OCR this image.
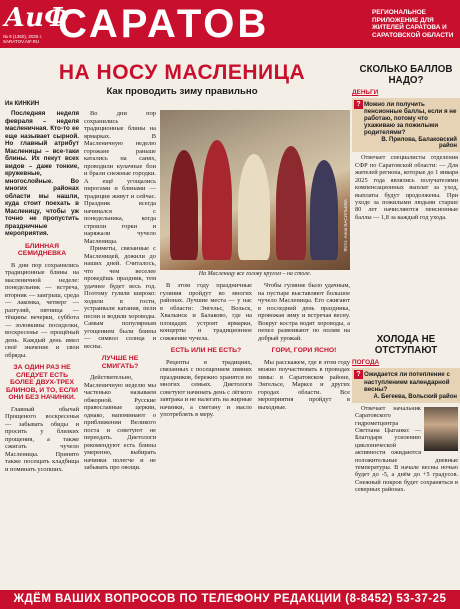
АиФ
№ 9 (1360), 2025 г.
SARATOV.AIF.RU САРАТОВ	РЕГИОНАЛЬНОЕ ПРИЛОЖЕНИЕ ДЛЯ ЖИТЕЛЕЙ САРАТОВА И САРАТОВСКОЙ ОБЛАСТИ
НА НОСУ МАСЛЕНИЦА
Как проводить зиму правильно
Ия КИНКИН

Последняя неделя февраля – неделя масленичная. Кто-то ее еще называет сырной. Но главный атрибут Масленицы – все-таки блины. Их пекут всех видов – даже тонкие, кружевные, многослойные. Во многих районах области мы нашли, куда стоит поехать в Масленицу, чтобы уж точно не пропустить праздничные мероприятия.

БЛИННАЯ СЕМИДНЕВКА

В дни пор сохранились традиционные блины на масленичной неделе: понедельник — встреча, вторник — заигрыш, среда — лакомка, четверг — разгуляй, пятница — тёщины вечерки, суббота — золовкины посиделки, воскресенье — прощёный день. Каждый день имел своё значение и свои обряды.

ЗА ОДИН РАЗ НЕ СЛЕДУЕТ ЕСТЬ БОЛЕЕ ДВУХ-ТРЕХ БЛИНОВ, И ТО, ЕСЛИ ОНИ БЕЗ НАЧИНКИ.

Главный обычай Прощеного воскресенья — забывать обиды и просить у близких прощения, а также сжигать чучело Масленицы. Принято также посещать кладбища и поминать усопших.

Во дни пор сохранились традиционные блины на ярмарках. В Масленичную неделю горожане раньше катались на санях, проводили кулачные бои и брали снежные городки. А ещё угощались пирогами и блинами — традиции живут и сейчас. Праздник всегда начинался с понедельника, когда строили горки и наряжали чучело Масленицы.

Приметы, связанные с Масленицей, дожили до наших дней. Считалось, что чем веселее проведёшь праздник, тем удачнее будет весь год. Поэтому гуляли широко: ходили в гости, устраивали катания, пели песни и водили хороводы. Самым популярным угощением были блины — символ солнца и весны.

ЛУЧШЕ НЕ СМИГАТЬ?

Действительно, Масленичную неделю мы частенько называем обжорной. Русские православные церкви, однако, напоминают о приближении Великого поста и советуют не переедать. Диетологи рекомендуют есть блины умеренно, выбирать начинки полегче и не забывать про овощи.

Фото: Анна ВАСИЛЬЕВА
На Масленицу все голову кругом – на столе.

В этом году праздничные гуляния пройдут во многих районах. Лучшие места — у нас в области: Энгельс, Вольск, Хвалынск и Балаково, где на площадях устроят ярмарки, концерты и традиционное сожжение чучела.

ЕСТЬ ИЛИ НЕ ЕСТЬ?

Рецепты в традициях, связанных с посещением зимних праздников, бережно хранятся во многих семьях. Диетологи советуют начинать день с лёгкого завтрака и не налегать на жирные начинки, а сметану и масло употреблять в меру.

Чтобы гуляние было удачным, на пустыре выставляют большое чучело Масленицы. Его сжигают в последний день праздника, провожая зиму и встречая весну. Вокруг костра водят хороводы, а пепел развеивают по полям на добрый урожай.

ГОРИ, ГОРИ ЯСНО!

Мы расскажем, где в этом году можно поучаствовать в проводах зимы: в Саратовском районе, Энгельсе, Марксе и других городах области. Все мероприятия пройдут в выходные.

СКОЛЬКО БАЛЛОВ НАДО?
ДЕНЬГИ
? Можно ли получить пенсионные баллы, если я не работаю, потому что ухаживаю за пожилыми родителями?
В. Прилова, Балаковский район

Отвечает специалисты отделения СФР по Саратовской области: — Для жителей региона, которые до 1 января 2025 года являлись получателями компенсационных выплат за уход, выплаты будут продолжены. При уходе за пожилыми людьми старше 80 лет начисляются пенсионные баллы — 1,8 за каждый год ухода.

ХОЛОДА НЕ ОТСТУПАЮТ
ПОГОДА
? Ожидается ли потепление с наступлением календарной весны?
А. Бегеева, Вольский район

Отвечает начальник Саратовского гидрометцентра Светлана Цыганко: — Благодаря усилению циклонической активности ожидаются положительные дневные температуры. В начале весны ночью будет до -5, а днём до +5 градусов. Снежный покров будет сохраняться в северных районах.

ЖДЁМ ВАШИХ ВОПРОСОВ ПО ТЕЛЕФОНУ РЕДАКЦИИ (8-8452) 53-37-25
